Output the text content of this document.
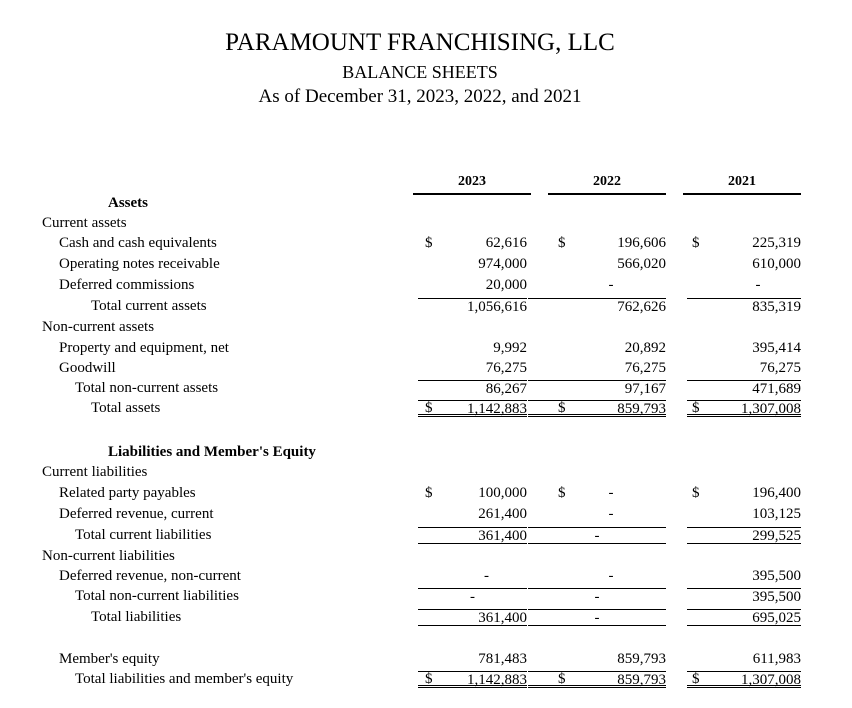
PARAMOUNT FRANCHISING, LLC
BALANCE SHEETS
As of December 31, 2023, 2022, and 2021
2023	2022	2021
Assets
Current assets
Cash and cash equivalents	$	62,616 $	196,606 $	225,319
Operating notes receivable	974,000	566,020	610,000
Deferred commissions	20,000	-	-
Total current assets	1,056,616	762,626	835,319
Non-current assets
Property and equipment, net	9,992	20,892	395,414
Goodwill	76,275	76,275	76,275
Total non-current assets	86,267	97,167	471,689
Total assets	$	1,142,883 $	859,793 $	1,307,008
Liabilities and Member's Equity
Current liabilities
Related party payables	$	100,000 $	-	$	196,400
Deferred revenue, current	261,400	-	103,125
Total current liabilities	361,400	-	299,525
Non-current liabilities
Deferred revenue, non-current	-	-	395,500
Total non-current liabilities	-	-	395,500
Total liabilities	361,400	-	695,025
Member's equity	781,483	859,793	611,983
Total liabilities and member's equity	$	1,142,883 $	859,793 $	1,307,008
